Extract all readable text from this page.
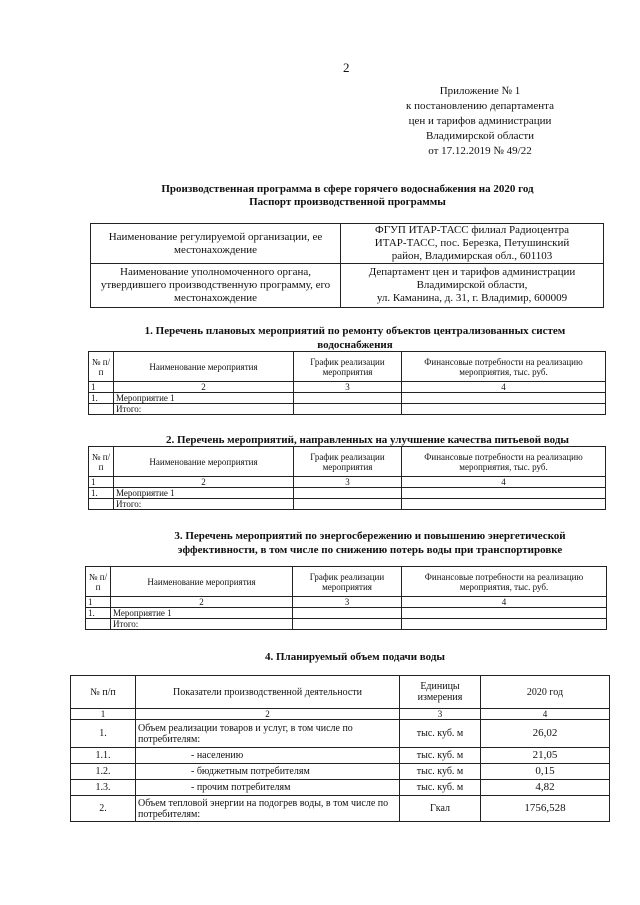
2
Приложение № 1
к постановлению департамента
цен и тарифов администрации
Владимирской области
от 17.12.2019 № 49/22
Производственная программа в сфере горячего водоснабжения на 2020 год
Паспорт производственной программы
Наименование регулируемой организации, ее местонахождение	ФГУП ИТАР-ТАСС филиал Радиоцентра
ИТАР-ТАСС, пос. Березка, Петушинский
район, Владимирская обл., 601103

Наименование уполномоченного органа, утвердившего производственную программу, его местонахождение	Департамент цен и тарифов администрации
Владимирской области,
ул. Каманина, д. 31, г. Владимир, 600009
1. Перечень плановых мероприятий по ремонту объектов централизованных систем
водоснабжения
№ п/п	Наименование мероприятия	График реализации мероприятия	Финансовые потребности на реализацию мероприятия, тыс. руб.
1	2	3	4
1.	Мероприятие 1		
	Итого:		
2. Перечень мероприятий, направленных на улучшение качества питьевой воды
№ п/п	Наименование мероприятия	График реализации мероприятия	Финансовые потребности на реализацию мероприятия, тыс. руб.
1	2	3	4
1.	Мероприятие 1		
	Итого:		
3. Перечень мероприятий по энергосбережению и повышению энергетической
эффективности, в том числе по снижению потерь воды при транспортировке
№ п/п	Наименование мероприятия	График реализации мероприятия	Финансовые потребности на реализацию мероприятия, тыс. руб.
1	2	3	4
1.	Мероприятие 1		
	Итого:		
4. Планируемый объем подачи воды
№ п/п	Показатели производственной деятельности	Единицы измерения	2020 год
1	2	3	4
1.	Объем реализации товаров и услуг, в том числе по потребителям:	тыс. куб. м	26,02
1.1.	- населению	тыс. куб. м	21,05
1.2.	- бюджетным потребителям	тыс. куб. м	0,15
1.3.	- прочим потребителям	тыс. куб. м	4,82
2.	Объем тепловой энергии на подогрев воды, в том числе по потребителям:	Гкал	1756,528
